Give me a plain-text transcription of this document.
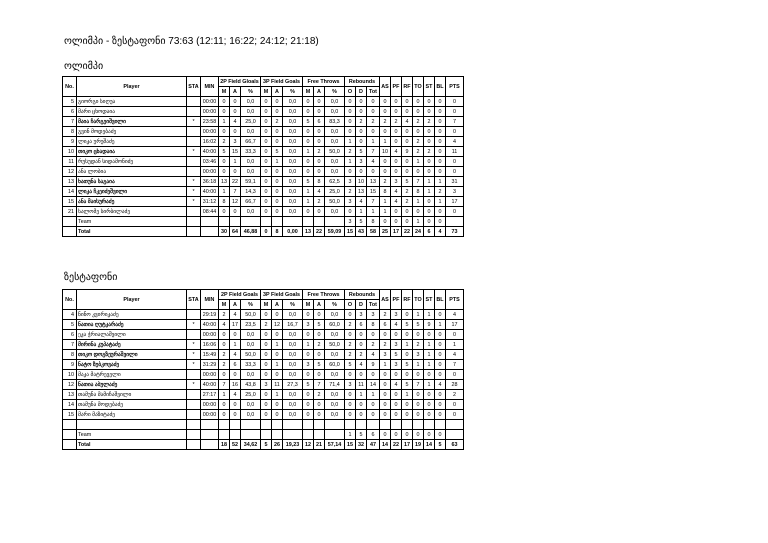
ოლიმპი - ზესტაფონი 73:63 (12:11; 16:22; 24:12; 21:18)
ოლიმპი
No.	Player	STA	MIN	2P Field Gloals			3P Field Goals			Free Throws			Rebounds			AS	PF	RF	TO	ST	BL	PTS
				M	A	%	M	A	%	M	A	%	O	D	Tot							
5	გიორგი სიღუა		00:00	0	0	0,0	0	0	0,0	0	0	0,0	0	0	0	0	0	0	0	0	0	0
6	მარი ცხოდაია		00:00	0	0	0,0	0	0	0,0	0	0	0,0	0	0	0	0	0	0	0	0	0	0
7	მაია ჩარგეიშვილი	*	23:58	1	4	25,0	0	2	0,0	5	6	83,3	0	2	2	2	2	4	2	2	0	7
8	გვინ მოდებაძე		00:00	0	0	0,0	0	0	0,0	0	0	0,0	0	0	0	0	0	0	0	0	0	0
9	ლიკა ურუშაძე		16:02	2	3	66,7	0	0	0,0	0	0	0,0	1	0	1	1	0	0	2	0	0	4
10	თიკო ცხადაია	*	40:00	5	15	33,3	0	5	0,0	1	2	50,0	2	5	7	10	4	9	2	2	0	11
11	რუსუდან სიდამონიძე		03:46	0	1	0,0	0	1	0,0	0	0	0,0	1	3	4	0	0	0	1	0	0	0
12	ანა ლობია		00:00	0	0	0,0	0	0	0,0	0	0	0,0	0	0	0	0	0	0	0	0	0	0
13	ხათუნა საგაია	*	36:18	13	22	59,1	0	0	0,0	5	8	62,5	3	10	13	2	3	5	7	1	1	31
14	ლიკა ჩკეიძეშვილი	*	40:00	1	7	14,3	0	0	0,0	1	4	25,0	2	13	15	8	4	2	8	1	2	3
15	ანა მაისურაძე	*	31:12	8	12	66,7	0	0	0,0	1	2	50,0	3	4	7	1	4	2	1	0	1	17
21	სალომე სირბილაძე		08:44	0	0	0,0	0	0	0,0	0	0	0,0	0	1	1	1	0	0	0	0	0	0
	Team												3	5	8	0	0	0	1	0	0	
	Total			30	64	46,88	0	8	0,00	13	22	59,09	15	43	58	25	17	22	24	6	4	73
ზესტაფონი
No.	Player	STA	MIN	2P Field Goals			3P Field Goals			Free Throws			Rebounds			AS	PF	RF	TO	ST	BL	PTS
				M	A	%	M	A	%	M	A	%	O	D	Tot							
4	ნინო კვირიკაძე		29:19	2	4	50,0	0	0	0,0	0	0	0,0	0	3	3	2	3	0	1	1	0	4
5	ნათია ღუტკარაძე	*	40:00	4	17	23,5	2	12	16,7	3	5	60,0	2	6	8	6	4	5	5	9	1	17
6	ეკა ჭრიალაშვილი		00:00	0	0	0,0	0	0	0,0	0	0	0,0	0	0	0	0	0	0	0	0	0	0
7	მირინა კუპატაძე	*	16:06	0	1	0,0	0	1	0,0	1	2	50,0	2	0	2	2	3	1	2	1	0	1
8	თიკო დოგზეურაშვილი	*	15:49	2	4	50,0	0	0	0,0	0	0	0,0	2	2	4	3	5	0	3	1	0	4
9	ნატო ზუბკოვაძე	*	31:29	2	6	33,3	0	1	0,0	3	5	60,0	5	4	9	1	3	5	1	1	0	7
10	მაკა მატრეველი		00:00	0	0	0,0	0	0	0,0	0	0	0,0	0	0	0	0	0	0	0	0	0	0
12	ნათია აბულაძე	*	40:00	7	16	43,8	3	11	27,3	5	7	71,4	3	11	14	0	4	5	7	1	4	28
13	თამუნა მამიჩაშვილი		27:17	1	4	25,0	0	1	0,0	0	2	0,0	0	1	1	0	0	1	0	0	0	2
14	თამუნა მოდებაძე		00:00	0	0	0,0	0	0	0,0	0	0	0,0	0	0	0	0	0	0	0	0	0	0
15	მარი მაზიტაძე		00:00	0	0	0,0	0	0	0,0	0	0	0,0	0	0	0	0	0	0	0	0	0	0

	Team												1	5	6	0	0	0	0	0	0	
	Total			18	52	34,62	5	26	19,23	12	21	57,14	15	32	47	14	22	17	19	14	5	63
